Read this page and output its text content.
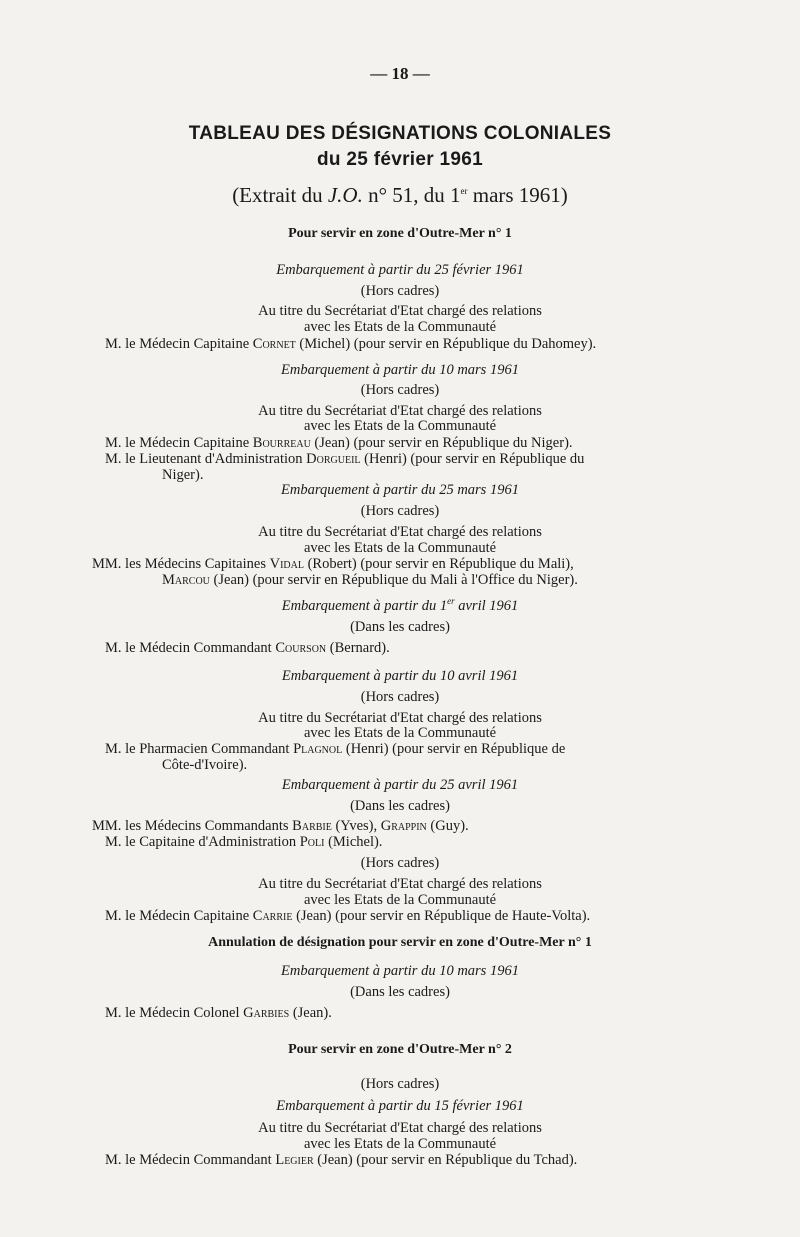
— 18 —
TABLEAU DES DÉSIGNATIONS COLONIALES
du 25 février 1961
(Extrait du J.O. n° 51, du 1er mars 1961)
Pour servir en zone d'Outre-Mer n° 1
Embarquement à partir du 25 février 1961
(Hors cadres)
Au titre du Secrétariat d'Etat chargé des relations
avec les Etats de la Communauté
M. le Médecin Capitaine Cornet (Michel) (pour servir en République du Dahomey).
Embarquement à partir du 10 mars 1961
(Hors cadres)
Au titre du Secrétariat d'Etat chargé des relations
avec les Etats de la Communauté
M. le Médecin Capitaine Bourreau (Jean) (pour servir en République du Niger).
M. le Lieutenant d'Administration Dorgueil (Henri) (pour servir en République du
Niger).
Embarquement à partir du 25 mars 1961
(Hors cadres)
Au titre du Secrétariat d'Etat chargé des relations
avec les Etats de la Communauté
MM. les Médecins Capitaines Vidal (Robert) (pour servir en République du Mali),
Marcou (Jean) (pour servir en République du Mali à l'Office du Niger).
Embarquement à partir du 1er avril 1961
(Dans les cadres)
M. le Médecin Commandant Courson (Bernard).
Embarquement à partir du 10 avril 1961
(Hors cadres)
Au titre du Secrétariat d'Etat chargé des relations
avec les Etats de la Communauté
M. le Pharmacien Commandant Plagnol (Henri) (pour servir en République de
Côte-d'Ivoire).
Embarquement à partir du 25 avril 1961
(Dans les cadres)
MM. les Médecins Commandants Barbie (Yves), Grappin (Guy).
M. le Capitaine d'Administration Poli (Michel).
(Hors cadres)
Au titre du Secrétariat d'Etat chargé des relations
avec les Etats de la Communauté
M. le Médecin Capitaine Carrie (Jean) (pour servir en République de Haute-Volta).
Annulation de désignation pour servir en zone d'Outre-Mer n° 1
Embarquement à partir du 10 mars 1961
(Dans les cadres)
M. le Médecin Colonel Garbies (Jean).
Pour servir en zone d'Outre-Mer n° 2
(Hors cadres)
Embarquement à partir du 15 février 1961
Au titre du Secrétariat d'Etat chargé des relations
avec les Etats de la Communauté
M. le Médecin Commandant Legier (Jean) (pour servir en République du Tchad).
